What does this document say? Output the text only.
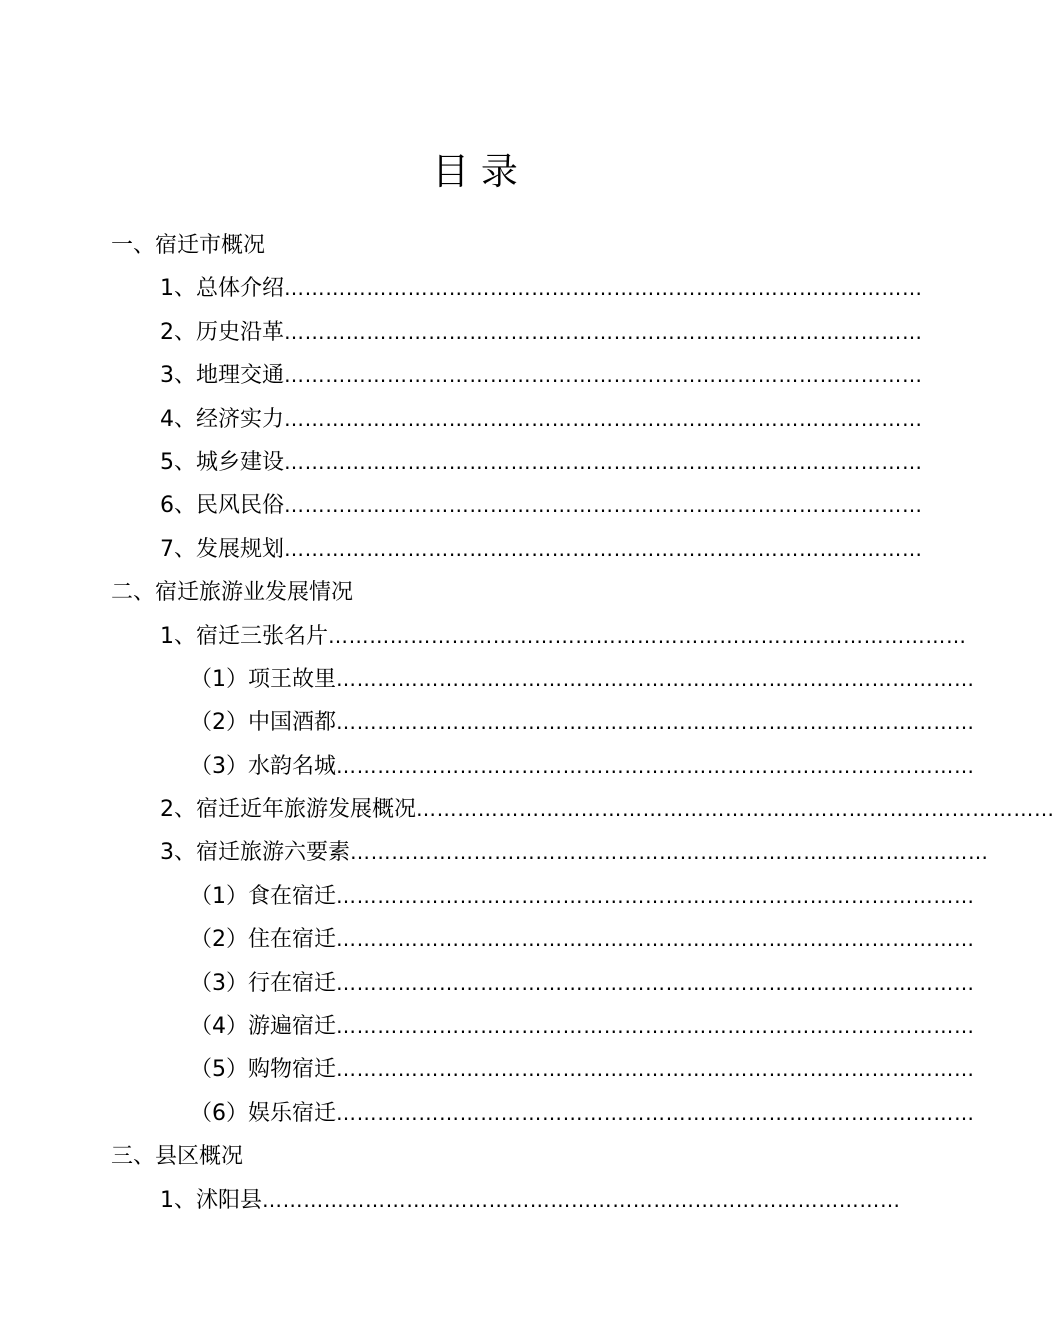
目 录
一、宿迁市概况
1、总体介绍 …………………………………………………………………………………
2、历史沿革 …………………………………………………………………………………
3、地理交通 …………………………………………………………………………………
4、经济实力 …………………………………………………………………………………
5、城乡建设 …………………………………………………………………………………
6、民风民俗 …………………………………………………………………………………
7、发展规划 …………………………………………………………………………………
二、宿迁旅游业发展情况
1、宿迁三张名片 …………………………………………………………………………………
（1）项王故里 …………………………………………………………………………………
（2）中国酒都 …………………………………………………………………………………
（3）水韵名城 …………………………………………………………………………………
2、宿迁近年旅游发展概况 …………………………………………………………………………………
3、宿迁旅游六要素 …………………………………………………………………………………
（1）食在宿迁 …………………………………………………………………………………
（2）住在宿迁 …………………………………………………………………………………
（3）行在宿迁 …………………………………………………………………………………
（4）游遍宿迁 …………………………………………………………………………………
（5）购物宿迁 …………………………………………………………………………………
（6）娱乐宿迁 …………………………………………………………………………………
三、县区概况
1、沭阳县 …………………………………………………………………………………
